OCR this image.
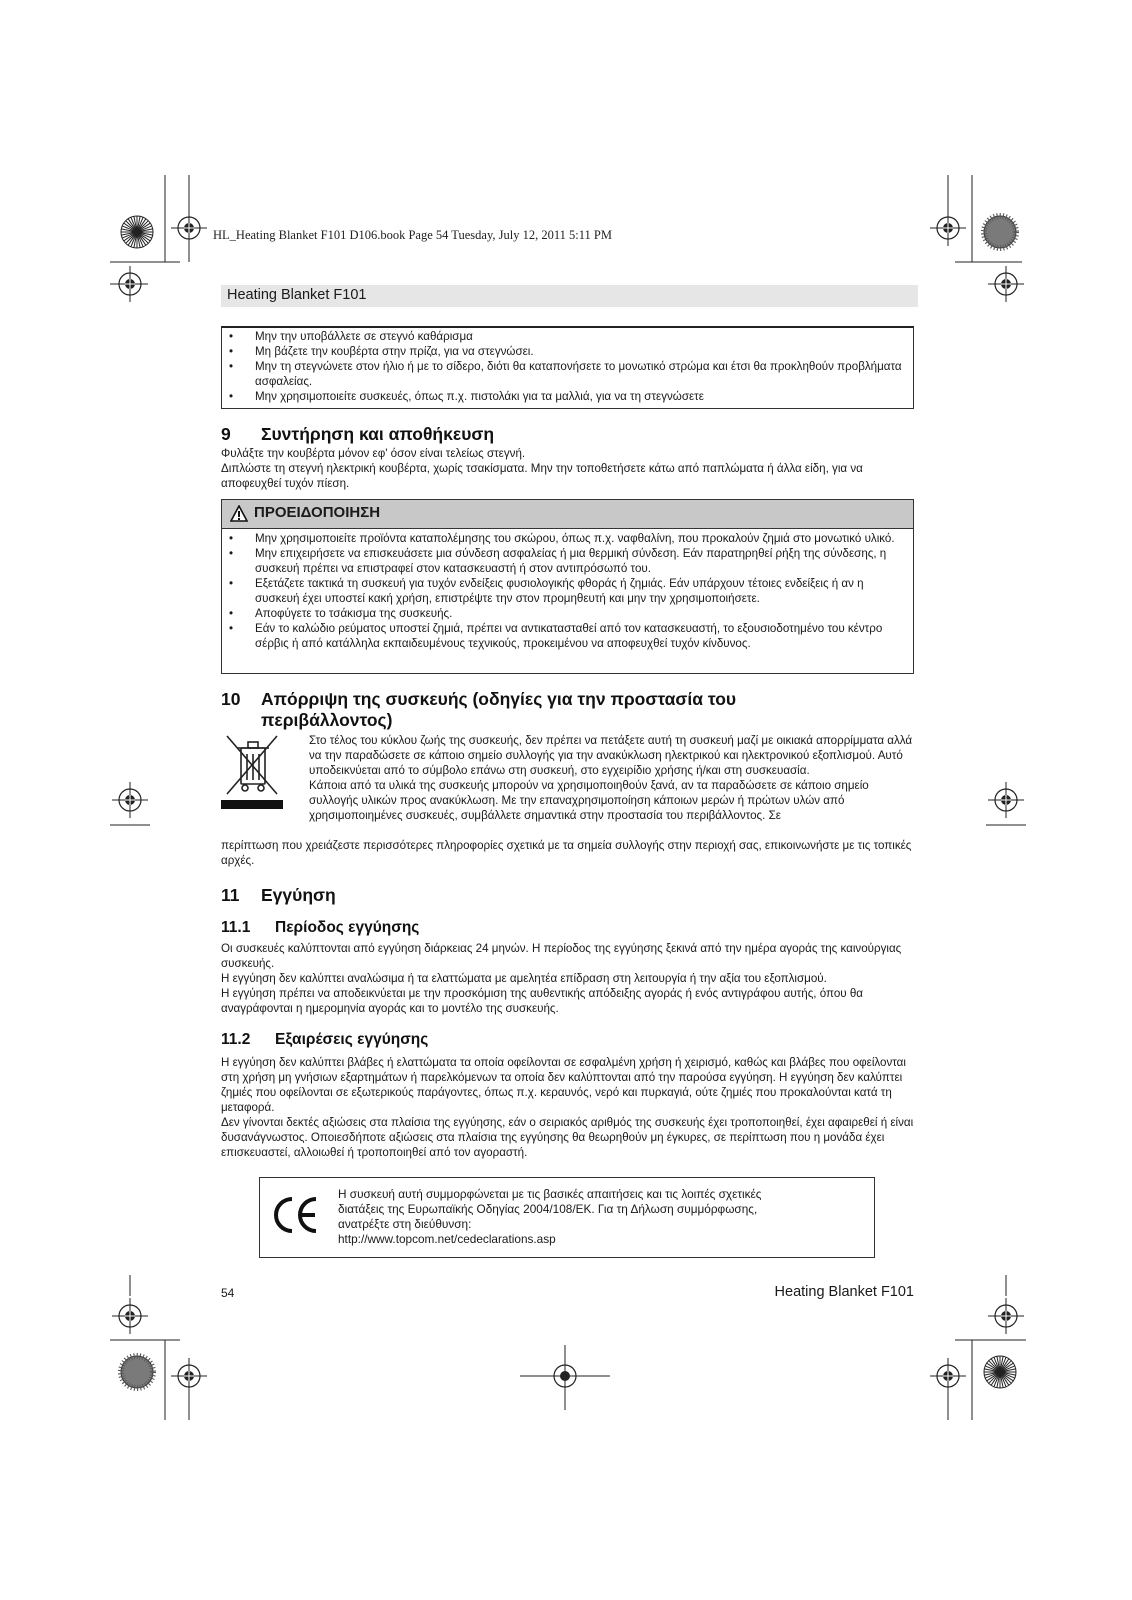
HL_Heating Blanket F101 D106.book Page 54 Tuesday, July 12, 2011 5:11 PM
Heating Blanket F101
• Μην την υποβάλλετε σε στεγνό καθάρισμα
• Μη βάζετε την κουβέρτα στην πρίζα, για να στεγνώσει.
• Μην τη στεγνώνετε στον ήλιο ή με το σίδερο, διότι θα καταπονήσετε το μονωτικό στρώμα και έτσι θα προκληθούν προβλήματα ασφαλείας.
• Μην χρησιμοποιείτε συσκευές, όπως π.χ. πιστολάκι για τα μαλλιά, για να τη στεγνώσετε
9 Συντήρηση και αποθήκευση
Φυλάξτε την κουβέρτα μόνον εφ' όσον είναι τελείως στεγνή.
Διπλώστε τη στεγνή ηλεκτρική κουβέρτα, χωρίς τσακίσματα. Μην την τοποθετήσετε κάτω από παπλώματα ή άλλα είδη, για να αποφευχθεί τυχόν πίεση.
ΠΡΟΕΙΔΟΠΟΙΗΣΗ
• Μην χρησιμοποιείτε προϊόντα καταπολέμησης του σκώρου, όπως π.χ. ναφθαλίνη, που προκαλούν ζημιά στο μονωτικό υλικό.
• Μην επιχειρήσετε να επισκευάσετε μια σύνδεση ασφαλείας ή μια θερμική σύνδεση. Εάν παρατηρηθεί ρήξη της σύνδεσης, η συσκευή πρέπει να επιστραφεί στον κατασκευαστή ή στον αντιπρόσωπό του.
• Εξετάζετε τακτικά τη συσκευή για τυχόν ενδείξεις φυσιολογικής φθοράς ή ζημιάς. Εάν υπάρχουν τέτοιες ενδείξεις ή αν η συσκευή έχει υποστεί κακή χρήση, επιστρέψτε την στον προμηθευτή και μην την χρησιμοποιήσετε.
• Αποφύγετε το τσάκισμα της συσκευής.
• Εάν το καλώδιο ρεύματος υποστεί ζημιά, πρέπει να αντικατασταθεί από τον κατασκευαστή, το εξουσιοδοτημένο του κέντρο σέρβις ή από κατάλληλα εκπαιδευμένους τεχνικούς, προκειμένου να αποφευχθεί τυχόν κίνδυνος.
10 Απόρριψη της συσκευής (οδηγίες για την προστασία του
περιβάλλοντος)
Στο τέλος του κύκλου ζωής της συσκευής, δεν πρέπει να πετάξετε αυτή τη συσκευή μαζί με οικιακά απορρίμματα αλλά να την παραδώσετε σε κάποιο σημείο συλλογής για την ανακύκλωση ηλεκτρικού και ηλεκτρονικού εξοπλισμού. Αυτό υποδεικνύεται από το σύμβολο επάνω στη συσκευή, στο εγχειρίδιο χρήσης ή/και στη συσκευασία.
Κάποια από τα υλικά της συσκευής μπορούν να χρησιμοποιηθούν ξανά, αν τα παραδώσετε σε κάποιο σημείο συλλογής υλικών προς ανακύκλωση. Με την επαναχρησιμοποίηση κάποιων μερών ή πρώτων υλών από χρησιμοποιημένες συσκευές, συμβάλλετε σημαντικά στην προστασία του περιβάλλοντος. Σε
περίπτωση που χρειάζεστε περισσότερες πληροφορίες σχετικά με τα σημεία συλλογής στην περιοχή σας, επικοινωνήστε με τις τοπικές αρχές.
11 Εγγύηση
11.1 Περίοδος εγγύησης
Οι συσκευές καλύπτονται από εγγύηση διάρκειας 24 μηνών. Η περίοδος της εγγύησης ξεκινά από την ημέρα αγοράς της καινούργιας συσκευής.
Η εγγύηση δεν καλύπτει αναλώσιμα ή τα ελαττώματα με αμελητέα επίδραση στη λειτουργία ή την αξία του εξοπλισμού.
Η εγγύηση πρέπει να αποδεικνύεται με την προσκόμιση της αυθεντικής απόδειξης αγοράς ή ενός αντιγράφου αυτής, όπου θα αναγράφονται η ημερομηνία αγοράς και το μοντέλο της συσκευής.
11.2 Εξαιρέσεις εγγύησης
Η εγγύηση δεν καλύπτει βλάβες ή ελαττώματα τα οποία οφείλονται σε εσφαλμένη χρήση ή χειρισμό, καθώς και βλάβες που οφείλονται στη χρήση μη γνήσιων εξαρτημάτων ή παρελκόμενων τα οποία δεν καλύπτονται από την παρούσα εγγύηση. Η εγγύηση δεν καλύπτει ζημιές που οφείλονται σε εξωτερικούς παράγοντες, όπως π.χ. κεραυνός, νερό και πυρκαγιά, ούτε ζημιές που προκαλούνται κατά τη μεταφορά.
Δεν γίνονται δεκτές αξιώσεις στα πλαίσια της εγγύησης, εάν ο σειριακός αριθμός της συσκευής έχει τροποποιηθεί, έχει αφαιρεθεί ή είναι δυσανάγνωστος. Οποιεσδήποτε αξιώσεις στα πλαίσια της εγγύησης θα θεωρηθούν μη έγκυρες, σε περίπτωση που η μονάδα έχει επισκευαστεί, αλλοιωθεί ή τροποποιηθεί από τον αγοραστή.
Η συσκευή αυτή συμμορφώνεται με τις βασικές απαιτήσεις και τις λοιπές σχετικές
διατάξεις της Ευρωπαϊκής Οδηγίας 2004/108/ΕΚ. Για τη Δήλωση συμμόρφωσης,
ανατρέξτε στη διεύθυνση:
http://www.topcom.net/cedeclarations.asp
54	Heating Blanket F101
